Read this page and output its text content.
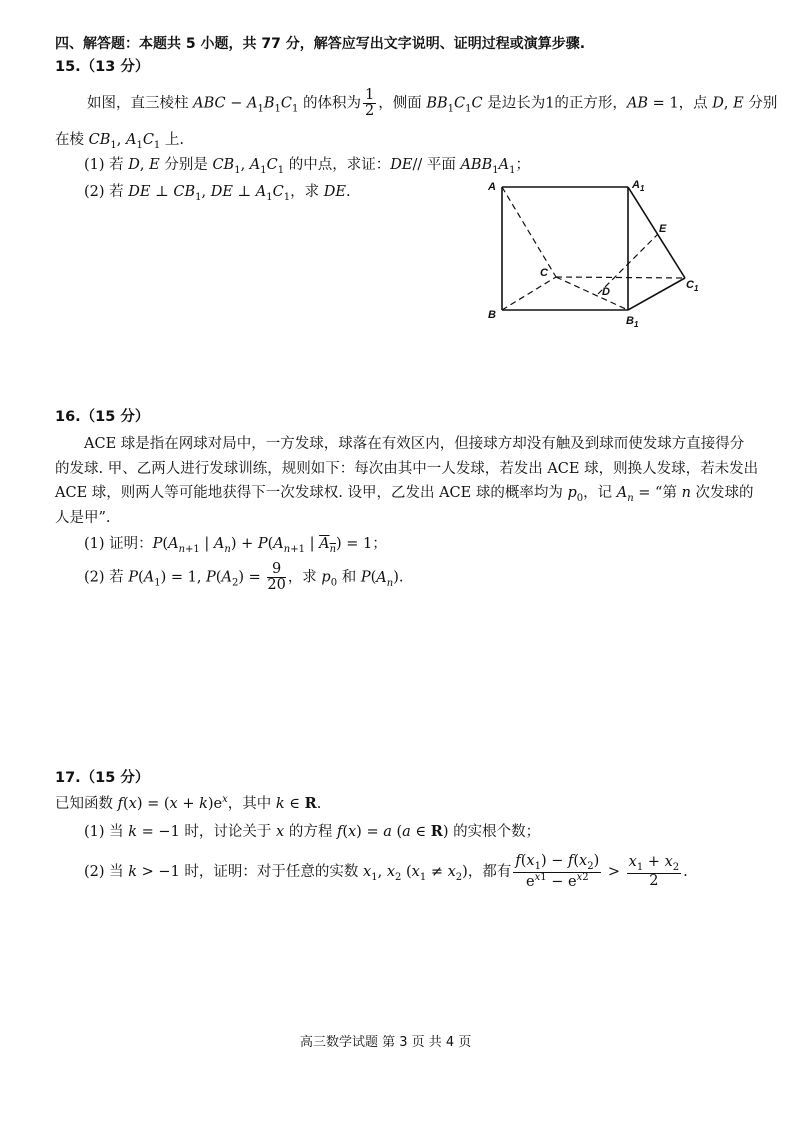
四、解答题：本题共 5 小题，共 77 分，解答应写出文字说明、证明过程或演算步骤.
15.（13 分）
如图，直三棱柱 ABC − $A_1B_1C_1$ 的体积为 $\frac{1}{2}$ ，侧面 $BB_1C_1C$ 是边长为1的正方形，AB = 1，点 D, E 分别
在棱 $CB_1$, $A_1C_1$ 上.
(1) 若 D, E 分别是 $CB_1$, $A_1C_1$ 的中点，求证：DE// 平面 $ABB_1A_1$；
(2) 若 DE ⊥ $CB_1$, DE ⊥ $A_1C_1$，求 DE.	A	$A_1$
E
C
D
$C_1$
B	$B_1$
16.（15 分）
ACE 球是指在网球对局中，一方发球，球落在有效区内，但接球方却没有触及到球而使发球方直接得分
的发球. 甲、乙两人进行发球训练，规则如下：每次由其中一人发球，若发出 ACE 球，则换人发球，若未发出
ACE 球，则两人等可能地获得下一次发球权. 设甲，乙发出 ACE 球的概率均为 $p_0$，记 $A_n$ = “第 n 次发球的
人是甲”.
(1) 证明：$P(A_{n+1}$ | $A_n) + P(A_{n+1}$ | $A_n) = 1$；
(2) 若 $P(A_1) = 1$, $P(A_2) = \frac{9}{20}$ ，求 $p_0$ 和 $P(A_n)$.
17.（15 分）
已知函数 $f(x) = (x + k)e^x$，其中 k ∈ R.
(1) 当 k = −1 时，讨论关于 x 的方程 f(x) = a (a ∈ R) 的实根个数；
(2) 当 k > −1 时，证明：对于任意的实数 $x_1$, $x_2$ $(x_1 \ne x_2)$，都有 $\frac{f(x_1) - f(x_2)}{e^{x1} - e^{x2}} > \frac{x_1 + x_2}{2}$ .
高三数学试题 第 3 页 共 4 页
